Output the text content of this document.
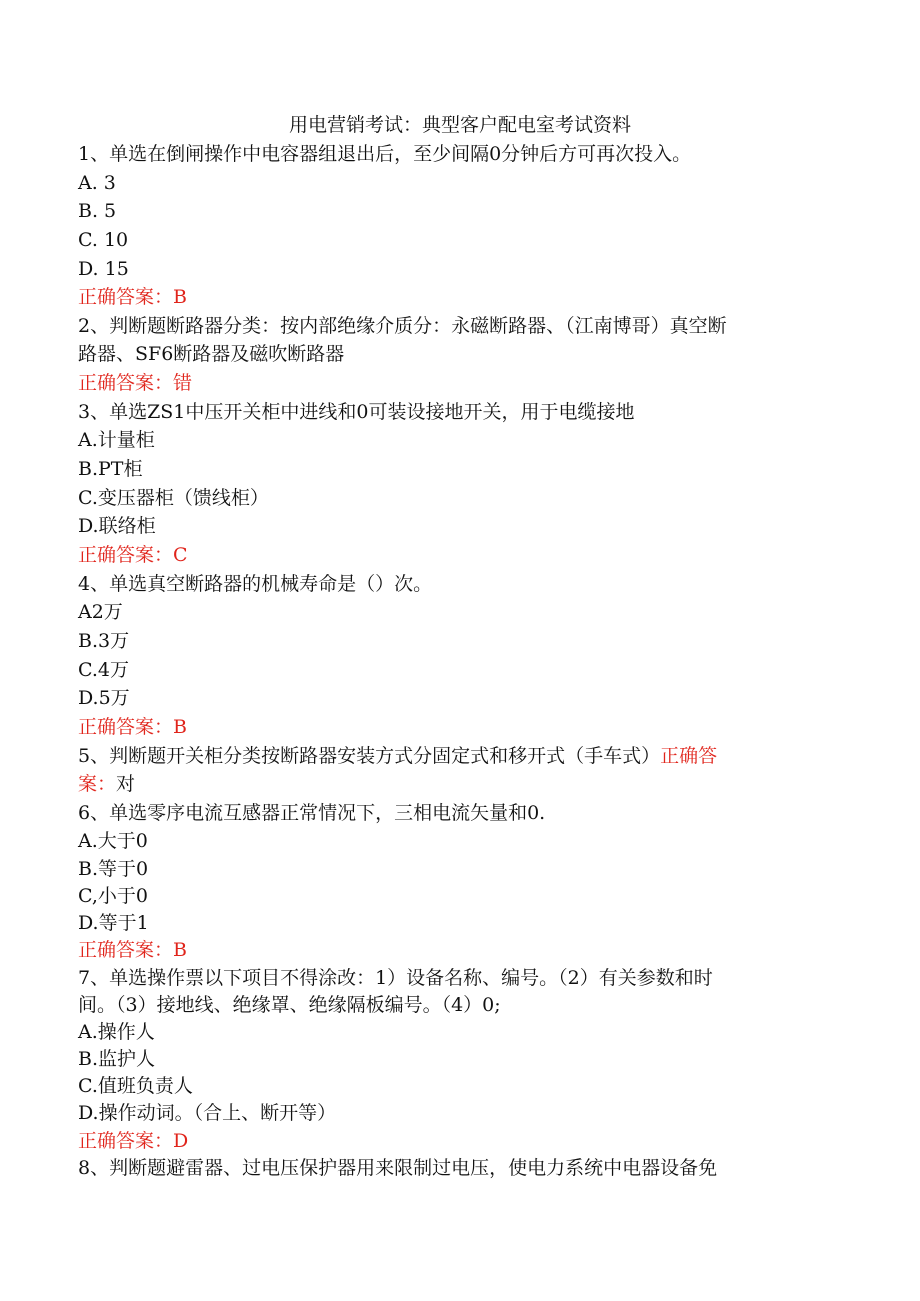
用电营销考试：典型客户配电室考试资料
1、单选在倒闸操作中电容器组退出后，至少间隔0分钟后方可再次投入。
A. 3
B. 5
C. 10
D. 15
正确答案：B
2、判断题断路器分类：按内部绝缘介质分：永磁断路器、（江南博哥）真空断
路器、SF6断路器及磁吹断路器
正确答案：错
3、单选ZS1中压开关柜中进线和0可装设接地开关，用于电缆接地
A.计量柜
B.PT柜
C.变压器柜（馈线柜）
D.联络柜
正确答案：C
4、单选真空断路器的机械寿命是（）次。
A2万
B.3万
C.4万
D.5万
正确答案：B
5、判断题开关柜分类按断路器安装方式分固定式和移开式（手车式）正确答
案：对
6、单选零序电流互感器正常情况下，三相电流矢量和0.
A.大于0
B.等于0
C,小于0
D.等于1
正确答案：B
7、单选操作票以下项目不得涂改：1）设备名称、编号。（2）有关参数和时
间。（3）接地线、绝缘罩、绝缘隔板编号。（4）0;
A.操作人
B.监护人
C.值班负责人
D.操作动词。（合上、断开等）
正确答案：D
8、判断题避雷器、过电压保护器用来限制过电压，使电力系统中电器设备免
